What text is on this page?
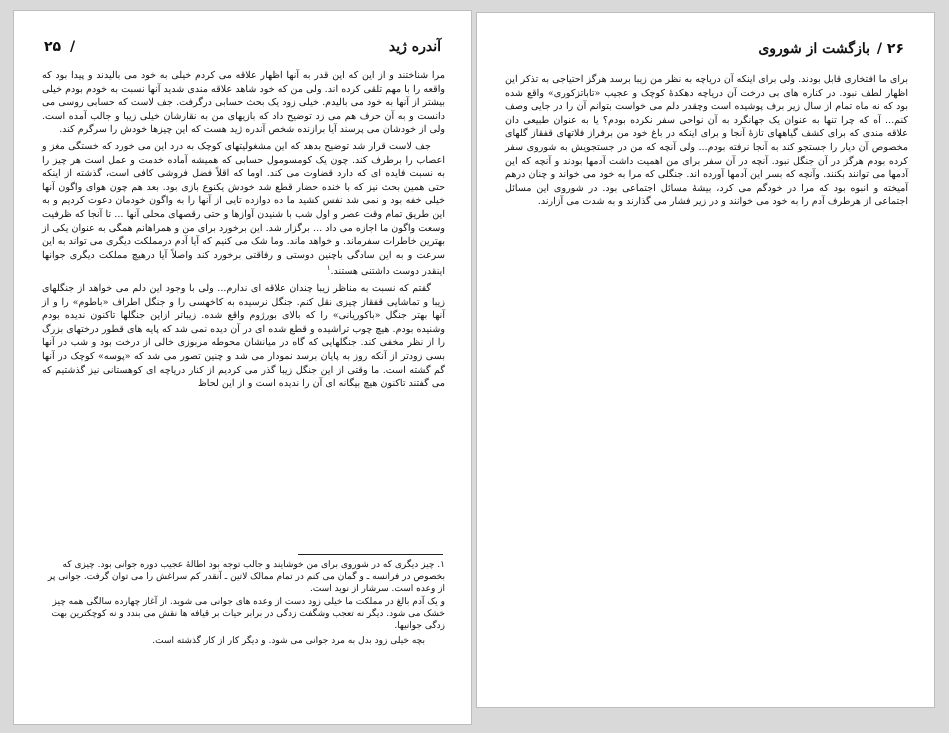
آندره ژید
/
۲۵

مرا شناختند و از این که این قدر به آنها اظهار علاقه می کردم خیلی به خود می بالیدند و پیدا بود که واقعه را با مهم تلقی کرده اند. ولی من که خود شاهد علاقه مندی شدید آنها نسبت به خودم بودم خیلی بیشتر از آنها به خود می بالیدم. خیلی زود یک بحث حسابی درگرفت. جف لاست که حسابی روسی می دانست و به آن حرف هم می زد توضیح داد که بازیهای من به نقارشان خیلی زیبا و جالب آمده است. ولی از خودشان می پرسند آیا برازنده شخص آندره ژید هست که این چیزها خودش را سرگرم کند.

جف لاست قرار شد توضیح بدهد که این مشغولیتهای کوچک به درد این می خورد که خستگی مغز و اعصاب را برطرف کند. چون یک کومسومول حسابی که همیشه آماده خدمت و عمل است هر چیز را به نسبت فایده ای که دارد قضاوت می کند. اوما که اقلاً فضل فروشی کافی است، گذشته از اینکه حتی همین بحث نیز که با خنده حضار قطع شد خودش یکنوع بازی بود. بعد هم چون هوای واگون آنها خیلی خفه بود و نمی شد نفس کشید ما ده دوازده تایی از آنها را به واگون خودمان دعوت کردیم و به این طریق تمام وقت عصر و اول شب با شنیدن آوازها و حتی رقصهای محلی آنها ... تا آنجا که ظرفیت وسعت واگون ما اجازه می داد ... برگزار شد. این برخورد برای من و همراهانم همگی به عنوان یکی از بهترین خاطرات سفرماند. و خواهد ماند. وما شک می کنیم که آیا آدم درمملکت دیگری می تواند به این سرعت و به این سادگی باچنین دوستی و رفاقتی برخورد کند واصلاً آیا درهیچ مملکت دیگری جوانها اینقدر دوست داشتنی هستند.$^۱$

گفتم که نسبت به مناظر زیبا چندان علاقه ای ندارم... ولی با وجود این دلم می خواهد از جنگلهای زیبا و تماشایی قفقاز چیزی نقل کنم. جنگل نرسیده به کاخهسی را و جنگل اطراف «باطوم» را و از آنها بهتر جنگل «باکوریانی» را که بالای بورژوم واقع شده. زیباتر ازاین جنگلها تاکنون ندیده بودم وشنیده بودم. هیچ چوب تراشیده و قطع شده ای در آن دیده نمی شد که پایه های قطور درختهای بزرگ را از نظر مخفی کند. جنگلهایی که گاه در میانشان محوطه مربوزی خالی از درخت بود و شب در آنها بسی زودتر از آنکه روز به پایان برسد نمودار می شد و چنین تصور می شد که «پوسه» کوچک در آنها گم گشته است. ما وقتی از این جنگل زیبا گذر می کردیم از کنار دریاچه ای کوهستانی نیز گذشتیم که می گفتند تاکنون هیچ بیگانه ای آن را ندیده است و از این لحاظ

۱. چیز دیگری که در شوروی برای من خوشایند و جالب توجه بود اطالهٔ عجیب دوره جوانی بود. چیزی که بخصوص در فرانسه ـ و گمان می کنم در تمام ممالک لاتین ـ آنقدر کم سراغش را می توان گرفت. جوانی پر از وعده است. سرشار از نوید است.

و یک آدم بالغ در مملکت ما خیلی زود دست از وعده های جوانی می شوید. از آغاز چهارده سالگی همه چیز خشک می شود. دیگر نه تعجب وشگفت زدگی در برابر حیات بر قیافه ها نقش می بندد و نه کوچکترین بهت زدگی جوانیها.

بچه خیلی زود بدل به مرد جوانی می شود. و دیگر کار از کار گذشته است.

۲۶
/
بازگشت از شوروی

برای ما افتخاری قابل بودند. ولی برای اینکه آن دریاچه به نظر من زیبا برسد هرگز احتیاجی به تذکر این اظهار لطف نبود. در کناره های بی درخت آن دریاچه دهکدهٔ کوچک و عجیب «تاباتزکوری» واقع شده بود که نه ماه تمام از سال زیر برف پوشیده است وچقدر دلم می خواست بتوانم آن را در جایی وصف کنم... آه که چرا تنها به عنوان یک جهانگرد به آن نواحی سفر نکرده بودم؟ یا به عنوان طبیعی دان علاقه مندی که برای کشف گیاههای تازهٔ آنجا و برای اینکه در باغ خود من برفراز فلاتهای قفقاز گلهای مخصوص آن دیار را جستجو کند به آنجا نرفته بودم... ولی آنچه که من در جستجویش به شوروی سفر کرده بودم هرگز در آن جنگل نبود. آنچه در آن سفر برای من اهمیت داشت آدمها بودند و آنچه که این آدمها می توانند بکنند. وآنچه که بسر این آدمها آورده اند. جنگلی که مرا به خود می خواند و چنان درهم آمیخته و انبوه بود که مرا در خودگم می کرد، بیشهٔ مسائل اجتماعی بود. در شوروی این مسائل اجتماعی از هرطرف آدم را به خود می خوانند و در زیر فشار می گذارند و به شدت می آزارند.
